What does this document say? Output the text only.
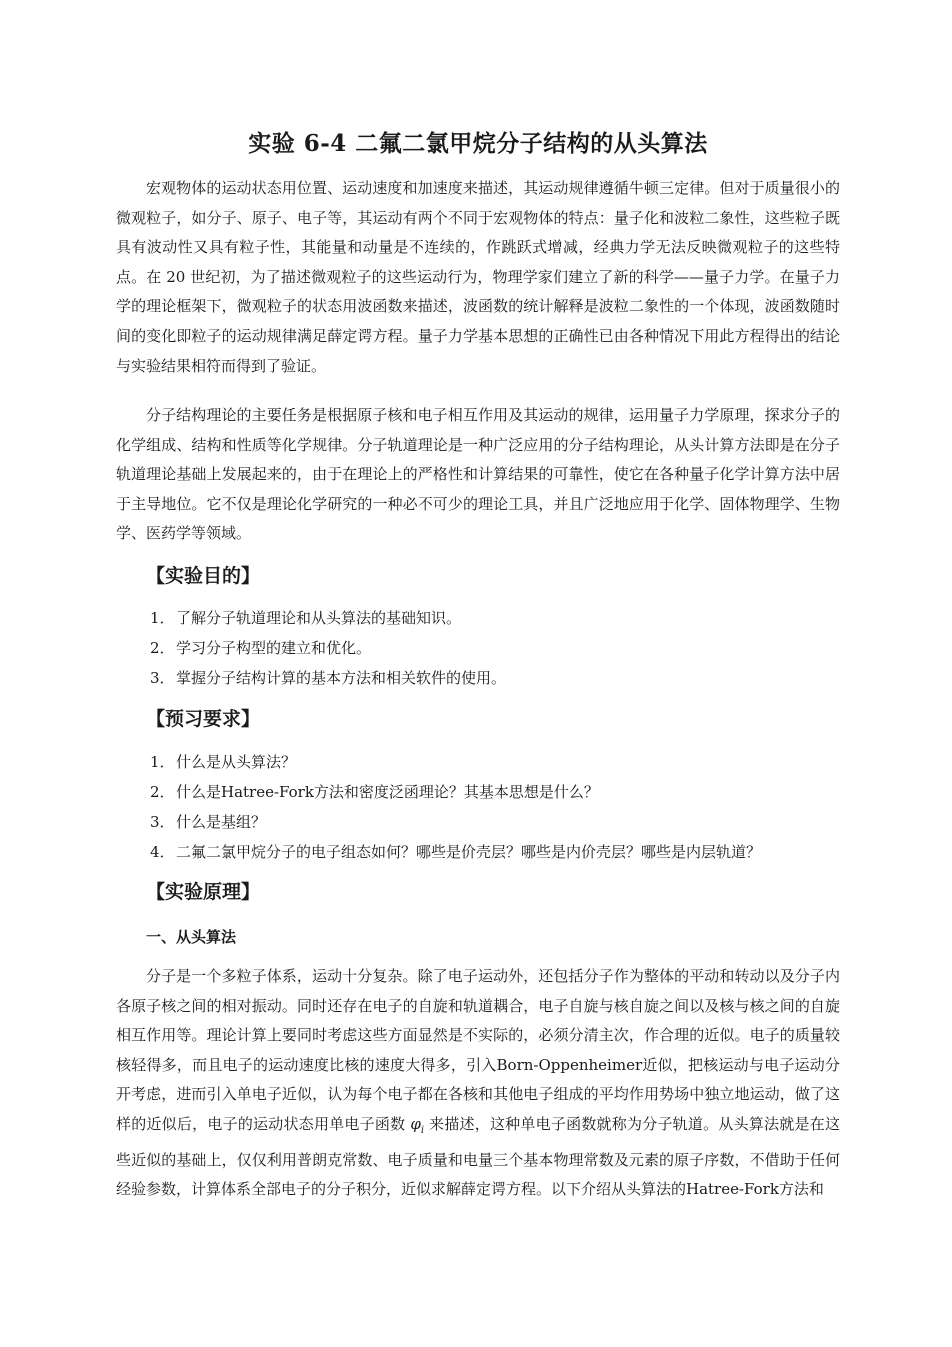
实验 6-4 二氟二氯甲烷分子结构的从头算法

宏观物体的运动状态用位置、运动速度和加速度来描述，其运动规律遵循牛顿三定律。但对于质量很小的微观粒子，如分子、原子、电子等，其运动有两个不同于宏观物体的特点：量子化和波粒二象性，这些粒子既具有波动性又具有粒子性，其能量和动量是不连续的，作跳跃式增减，经典力学无法反映微观粒子的这些特点。在 20 世纪初，为了描述微观粒子的这些运动行为，物理学家们建立了新的科学——量子力学。在量子力学的理论框架下，微观粒子的状态用波函数来描述，波函数的统计解释是波粒二象性的一个体现，波函数随时间的变化即粒子的运动规律满足薛定谔方程。量子力学基本思想的正确性已由各种情况下用此方程得出的结论与实验结果相符而得到了验证。

分子结构理论的主要任务是根据原子核和电子相互作用及其运动的规律，运用量子力学原理，探求分子的化学组成、结构和性质等化学规律。分子轨道理论是一种广泛应用的分子结构理论，从头计算方法即是在分子轨道理论基础上发展起来的，由于在理论上的严格性和计算结果的可靠性，使它在各种量子化学计算方法中居于主导地位。它不仅是理论化学研究的一种必不可少的理论工具，并且广泛地应用于化学、固体物理学、生物学、医药学等领域。

【实验目的】
1．了解分子轨道理论和从头算法的基础知识。
2．学习分子构型的建立和优化。
3．掌握分子结构计算的基本方法和相关软件的使用。
【预习要求】
1．什么是从头算法？
2．什么是Hatree-Fork方法和密度泛函理论？其基本思想是什么？
3．什么是基组？
4．二氟二氯甲烷分子的电子组态如何？哪些是价壳层？哪些是内价壳层？哪些是内层轨道？
【实验原理】
一、从头算法

分子是一个多粒子体系，运动十分复杂。除了电子运动外，还包括分子作为整体的平动和转动以及分子内各原子核之间的相对振动。同时还存在电子的自旋和轨道耦合，电子自旋与核自旋之间以及核与核之间的自旋相互作用等。理论计算上要同时考虑这些方面显然是不实际的，必须分清主次，作合理的近似。电子的质量较核轻得多，而且电子的运动速度比核的速度大得多，引入Born-Oppenheimer近似，把核运动与电子运动分开考虑，进而引入单电子近似，认为每个电子都在各核和其他电子组成的平均作用势场中独立地运动，做了这样的近似后，电子的运动状态用单电子函数 $\varphi_i$ 来描述，这种单电子函数就称为分子轨道。从头算法就是在这些近似的基础上，仅仅利用普朗克常数、电子质量和电量三个基本物理常数及元素的原子序数，不借助于任何经验参数，计算体系全部电子的分子积分，近似求解薛定谔方程。以下介绍从头算法的Hatree-Fork方法和
